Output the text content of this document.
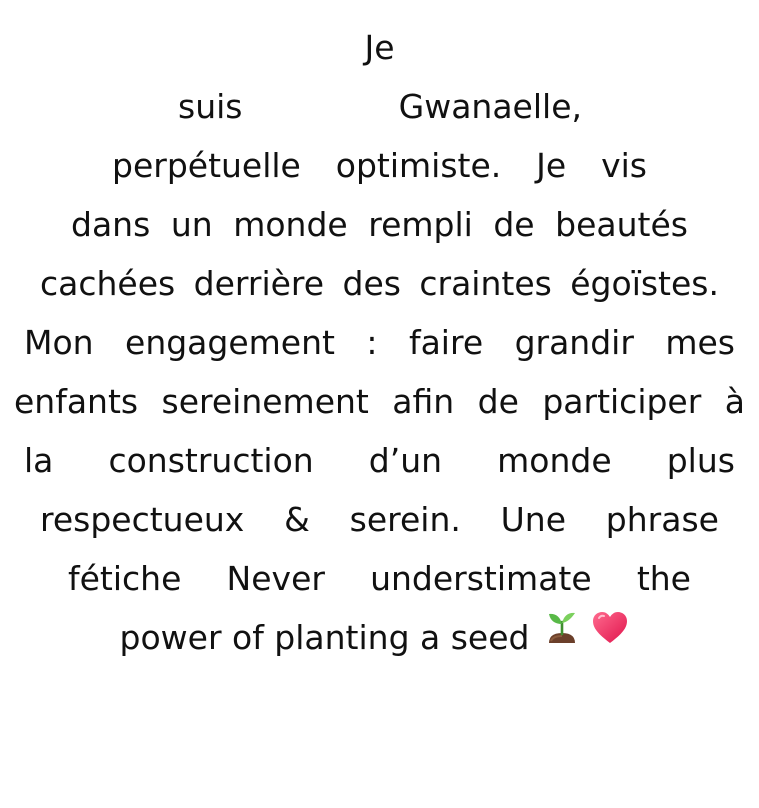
Je
suis	Gwanaelle,
perpétuelle optimiste. Je vis
dans un monde rempli de beautés
cachées derrière des craintes égoïstes.
Mon engagement : faire grandir mes
enfants sereinement afin de participer à
la construction d’un monde plus
respectueux & serein. Une phrase
fétiche Never understimate the
power of planting a seed
